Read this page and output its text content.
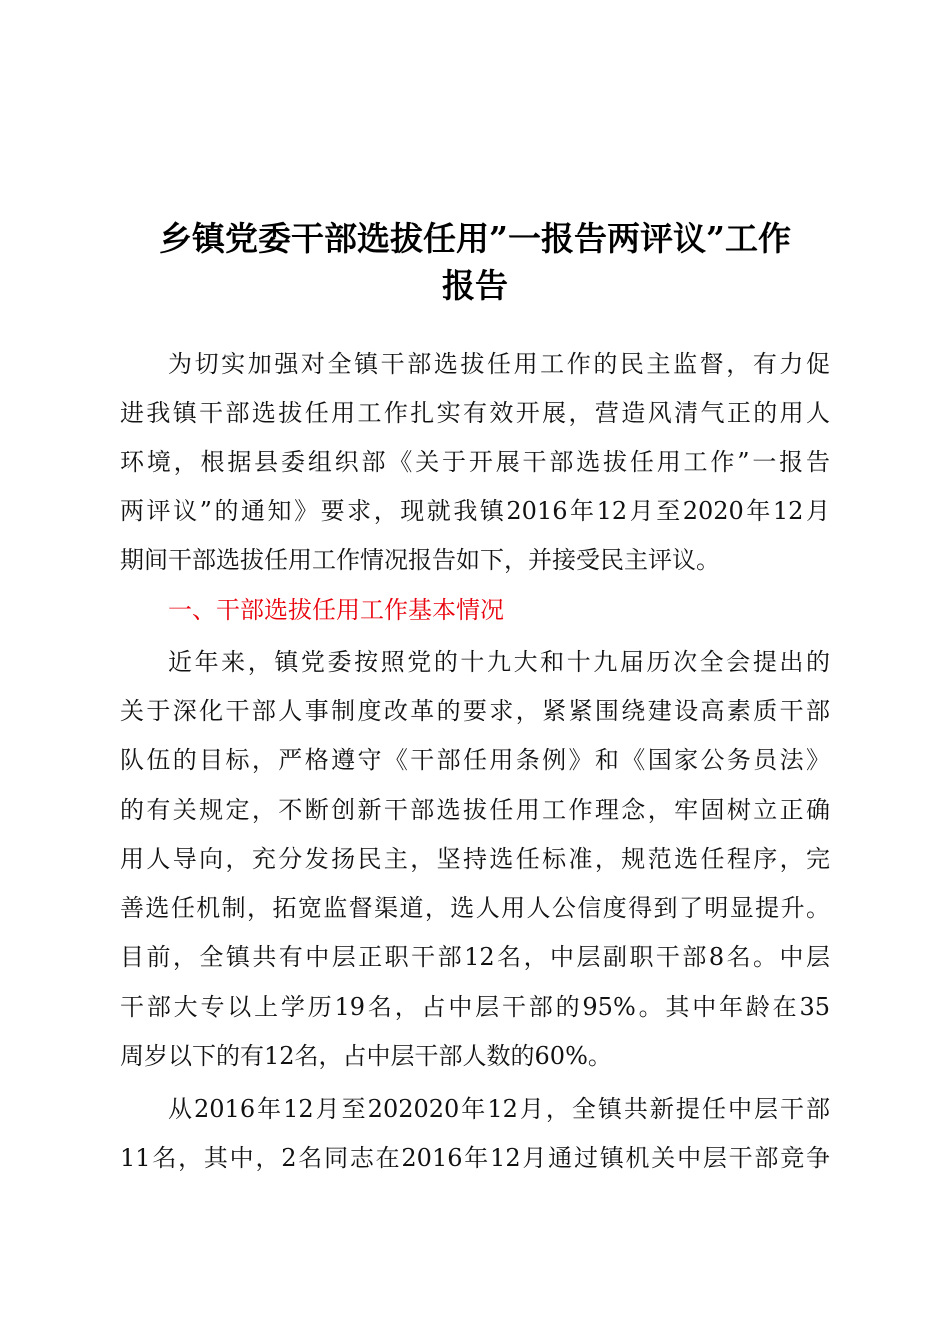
乡镇党委干部选拔任用”一报告两评议”工作
报告
为切实加强对全镇干部选拔任用工作的民主监督，有力促
进我镇干部选拔任用工作扎实有效开展，营造风清气正的用人
环境，根据县委组织部《关于开展干部选拔任用工作”一报告
两评议”的通知》要求，现就我镇2016年12月至2020年12月
期间干部选拔任用工作情况报告如下，并接受民主评议。
一、干部选拔任用工作基本情况
近年来，镇党委按照党的十九大和十九届历次全会提出的
关于深化干部人事制度改革的要求，紧紧围绕建设高素质干部
队伍的目标，严格遵守《干部任用条例》和《国家公务员法》
的有关规定，不断创新干部选拔任用工作理念，牢固树立正确
用人导向，充分发扬民主，坚持选任标准，规范选任程序，完
善选任机制，拓宽监督渠道，选人用人公信度得到了明显提升。
目前，全镇共有中层正职干部12名，中层副职干部8名。中层
干部大专以上学历19名，占中层干部的95%。其中年龄在35
周岁以下的有12名，占中层干部人数的60%。
从2016年12月至202020年12月，全镇共新提任中层干部
11名，其中，2名同志在2016年12月通过镇机关中层干部竞争
